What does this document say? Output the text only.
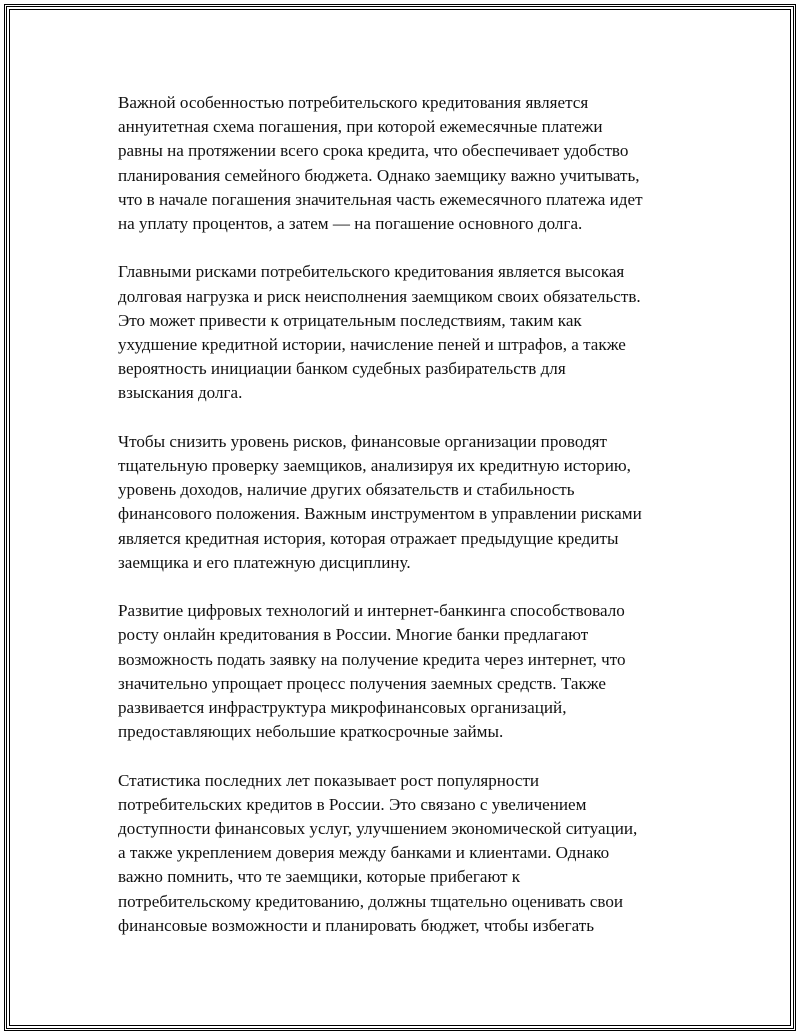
Важной особенностью потребительского кредитования является
аннуитетная схема погашения, при которой ежемесячные платежи
равны на протяжении всего срока кредита, что обеспечивает удобство
планирования семейного бюджета. Однако заемщику важно учитывать,
что в начале погашения значительная часть ежемесячного платежа идет
на уплату процентов, а затем — на погашение основного долга.

Главными рисками потребительского кредитования является высокая
долговая нагрузка и риск неисполнения заемщиком своих обязательств.
Это может привести к отрицательным последствиям, таким как
ухудшение кредитной истории, начисление пеней и штрафов, а также
вероятность инициации банком судебных разбирательств для
взыскания долга.

Чтобы снизить уровень рисков, финансовые организации проводят
тщательную проверку заемщиков, анализируя их кредитную историю,
уровень доходов, наличие других обязательств и стабильность
финансового положения. Важным инструментом в управлении рисками
является кредитная история, которая отражает предыдущие кредиты
заемщика и его платежную дисциплину.

Развитие цифровых технологий и интернет-банкинга способствовало
росту онлайн кредитования в России. Многие банки предлагают
возможность подать заявку на получение кредита через интернет, что
значительно упрощает процесс получения заемных средств. Также
развивается инфраструктура микрофинансовых организаций,
предоставляющих небольшие краткосрочные займы.

Статистика последних лет показывает рост популярности
потребительских кредитов в России. Это связано с увеличением
доступности финансовых услуг, улучшением экономической ситуации,
а также укреплением доверия между банками и клиентами. Однако
важно помнить, что те заемщики, которые прибегают к
потребительскому кредитованию, должны тщательно оценивать свои
финансовые возможности и планировать бюджет, чтобы избегать
